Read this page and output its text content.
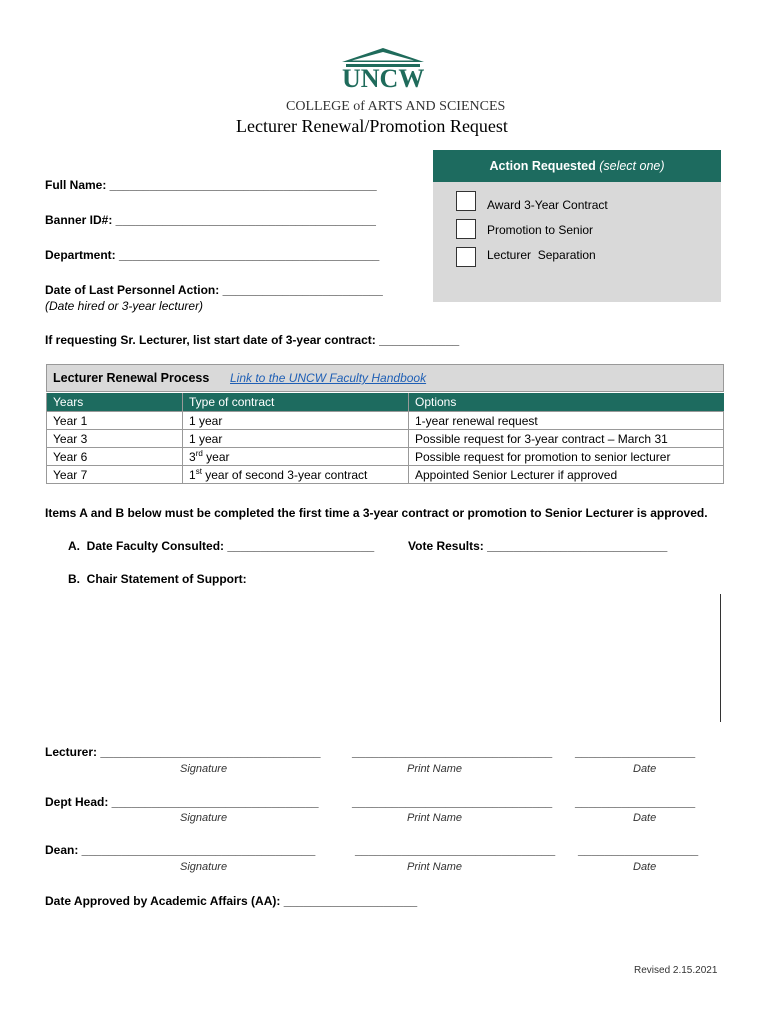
UNCW
COLLEGE of ARTS AND SCIENCES
Lecturer Renewal/Promotion Request
Action Requested (select one)
Award 3-Year Contract
Promotion to Senior
Lecturer  Separation
Full Name: ________________________________________
Banner ID#: _______________________________________
Department: _______________________________________
Date of Last Personnel Action: ________________________
(Date hired or 3-year lecturer)
If requesting Sr. Lecturer, list start date of 3-year contract: ____________
Lecturer Renewal Process Link to the UNCW Faculty Handbook
Years	Type of contract	Options
Year 1	1 year	1-year renewal request
Year 3	1 year	Possible request for 3-year contract – March 31
Year 6	3rd year	Possible request for promotion to senior lecturer
Year 7	1st year of second 3-year contract	Appointed Senior Lecturer if approved
Items A and B below must be completed the first time a 3-year contract or promotion to Senior Lecturer is approved.
A.  Date Faculty Consulted: ______________________	Vote Results: ___________________________
B.  Chair Statement of Support:
Lecturer: _________________________________	______________________________ __________________
Signature	Print Name	Date
Dept Head: _______________________________	______________________________ __________________
Signature	Print Name	Date
Dean: ___________________________________	______________________________ __________________
Signature	Print Name	Date
Date Approved by Academic Affairs (AA): ____________________
Revised 2.15.2021
